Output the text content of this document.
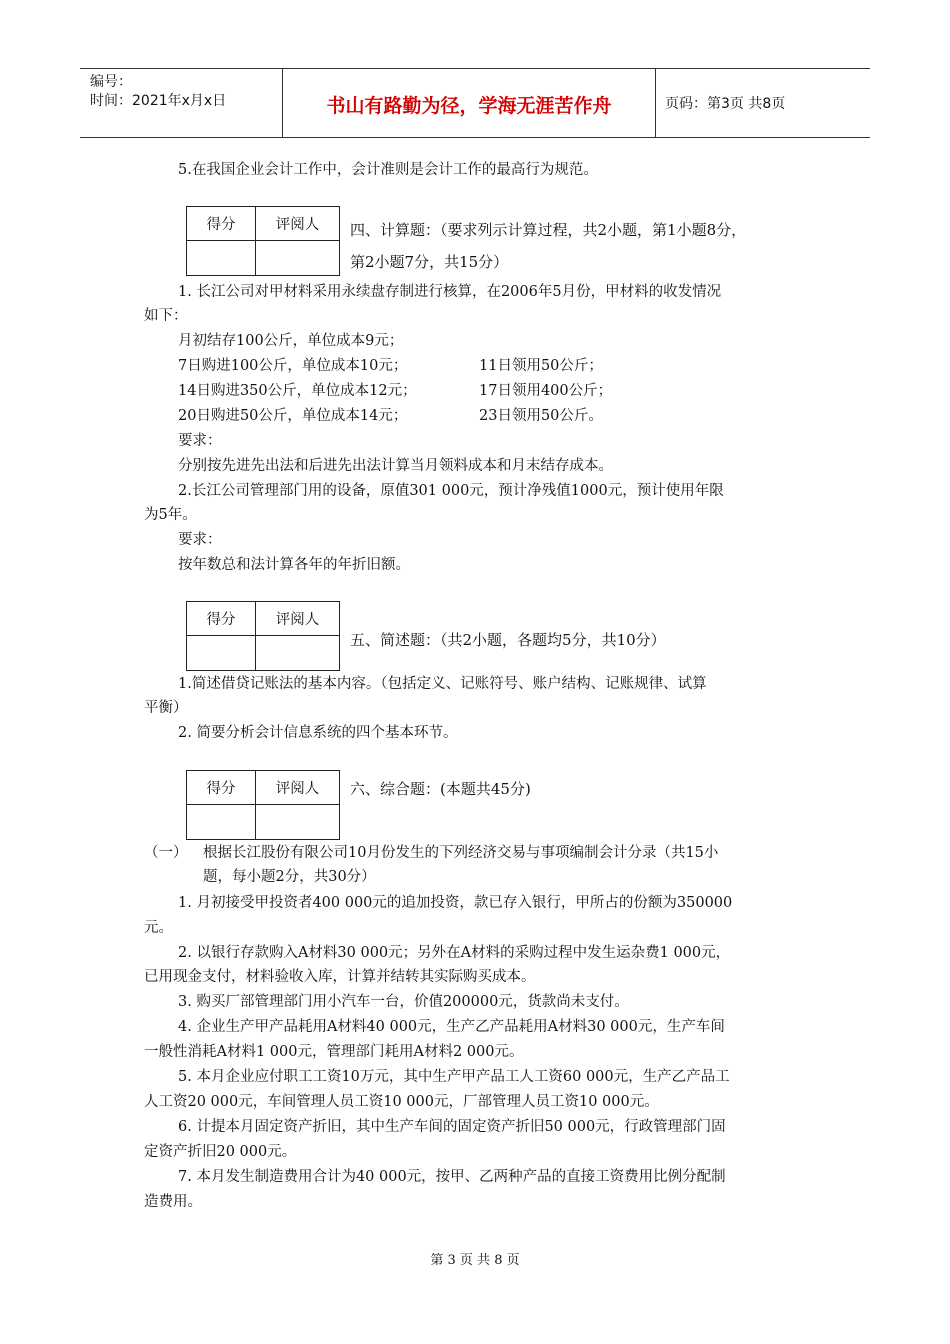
编号：
时间：2021年x月x日	书山有路勤为径，学海无涯苦作舟	页码：第3页 共8页
5.在我国企业会计工作中，会计准则是会计工作的最高行为规范。
得分	评阅人
	四、计算题：（要求列示计算过程，共2小题，第1小题8分，
第2小题7分，共15分）
1. 长江公司对甲材料采用永续盘存制进行核算，在2006年5月份，甲材料的收发情况
如下：
月初结存100公斤，单位成本9元；
7日购进100公斤，单位成本10元；	11日领用50公斤；
14日购进350公斤，单位成本12元；	17日领用400公斤；
20日购进50公斤，单位成本14元；	23日领用50公斤。
要求：
分别按先进先出法和后进先出法计算当月领料成本和月末结存成本。
2.长江公司管理部门用的设备，原值301 000元，预计净残值1000元，预计使用年限
为5年。
要求：
按年数总和法计算各年的年折旧额。
得分	评阅人

五、简述题：（共2小题，各题均5分，共10分）
1.简述借贷记账法的基本内容。（包括定义、记账符号、账户结构、记账规律、试算
平衡）
2. 简要分析会计信息系统的四个基本环节。
得分	评阅人
	六、综合题：(本题共45分)
（一） 根据长江股份有限公司10月份发生的下列经济交易与事项编制会计分录（共15小
题，每小题2分，共30分）
1. 月初接受甲投资者400 000元的追加投资，款已存入银行，甲所占的份额为350000
元。
2. 以银行存款购入A材料30 000元；另外在A材料的采购过程中发生运杂费1 000元，
已用现金支付，材料验收入库，计算并结转其实际购买成本。
3. 购买厂部管理部门用小汽车一台，价值200000元，货款尚未支付。
4. 企业生产甲产品耗用A材料40 000元，生产乙产品耗用A材料30 000元，生产车间
一般性消耗A材料1 000元，管理部门耗用A材料2 000元。
5. 本月企业应付职工工资10万元，其中生产甲产品工人工资60 000元，生产乙产品工
人工资20 000元，车间管理人员工资10 000元，厂部管理人员工资10 000元。
6. 计提本月固定资产折旧，其中生产车间的固定资产折旧50 000元，行政管理部门固
定资产折旧20 000元。
7. 本月发生制造费用合计为40 000元，按甲、乙两种产品的直接工资费用比例分配制
造费用。
第 3 页 共 8 页
